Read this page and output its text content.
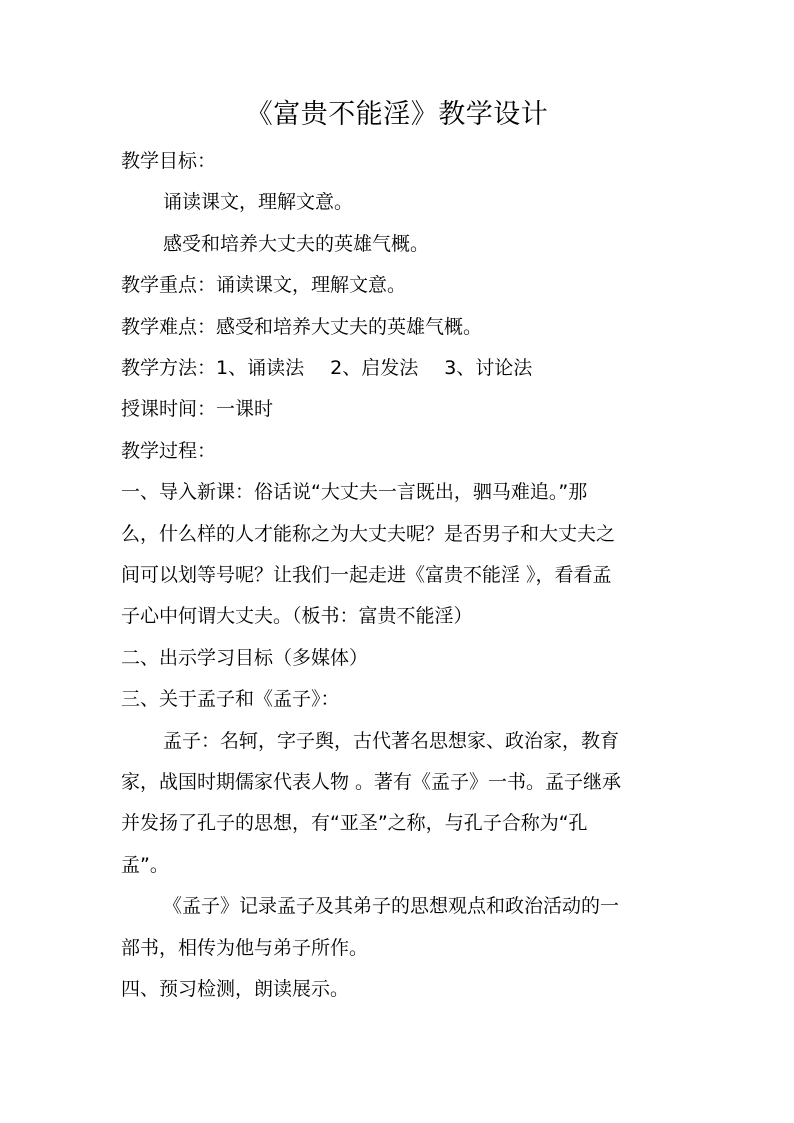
《富贵不能淫》教学设计
教学目标：
诵读课文，理解文意。
感受和培养大丈夫的英雄气概。
教学重点：诵读课文，理解文意。
教学难点：感受和培养大丈夫的英雄气概。
教学方法：1、诵读法 2、启发法 3、讨论法
授课时间：一课时
教学过程：
一、导入新课：俗话说“大丈夫一言既出，驷马难追。”那
么，什么样的人才能称之为大丈夫呢？是否男子和大丈夫之
间可以划等号呢？让我们一起走进《富贵不能淫 》，看看孟
子心中何谓大丈夫。（板书：富贵不能淫）
二、出示学习目标（多媒体）
三、关于孟子和《孟子》：
孟子：名轲，字子舆，古代著名思想家、政治家，教育
家，战国时期儒家代表人物 。著有《孟子》一书。孟子继承
并发扬了孔子的思想，有“亚圣”之称，与孔子合称为“孔
孟”。
《孟子》记录孟子及其弟子的思想观点和政治活动的一
部书，相传为他与弟子所作。
四、预习检测，朗读展示。
